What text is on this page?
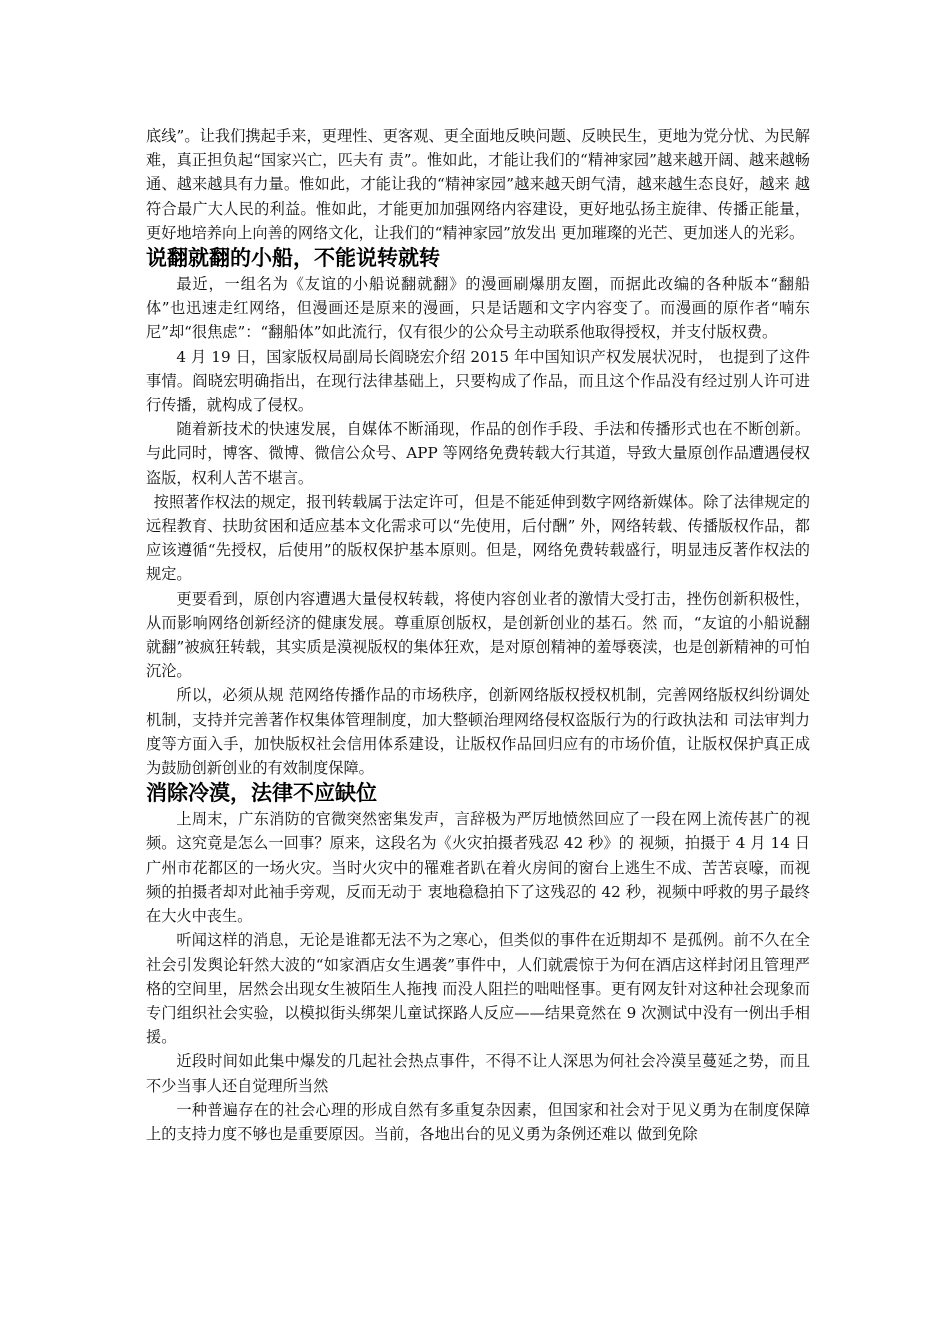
底线”。让我们携起手来，更理性、更客观、更全面地反映问题、反映民生，更地为党分忧、为民解难，真正担负起“国家兴亡，匹夫有 责”。惟如此，才能让我们的“精神家园”越来越开阔、越来越畅通、越来越具有力量。惟如此，才能让我的“精神家园”越来越天朗气清，越来越生态良好，越来 越符合最广大人民的利益。惟如此，才能更加加强网络内容建设，更好地弘扬主旋律、传播正能量，更好地培养向上向善的网络文化，让我们的“精神家园”放发出 更加璀璨的光芒、更加迷人的光彩。

说翻就翻的小船，不能说转就转

最近，一组名为《友谊的小船说翻就翻》的漫画刷爆朋友圈，而据此改编的各种版本“翻船体”也迅速走红网络，但漫画还是原来的漫画，只是话题和文字内容变了。而漫画的原作者“喃东尼”却“很焦虑”：“翻船体”如此流行，仅有很少的公众号主动联系他取得授权，并支付版权费。

4 月 19 日，国家版权局副局长阎晓宏介绍 2015 年中国知识产权发展状况时， 也提到了这件事情。阎晓宏明确指出，在现行法律基础上，只要构成了作品，而且这个作品没有经过别人许可进行传播，就构成了侵权。

随着新技术的快速发展，自媒体不断涌现，作品的创作手段、手法和传播形式也在不断创新。与此同时，博客、微博、微信公众号、APP 等网络免费转载大行其道，导致大量原创作品遭遇侵权盗版，权利人苦不堪言。

按照著作权法的规定，报刊转载属于法定许可，但是不能延伸到数字网络新媒体。除了法律规定的远程教育、扶助贫困和适应基本文化需求可以“先使用，后付酬” 外，网络转载、传播版权作品，都应该遵循“先授权，后使用”的版权保护基本原则。但是，网络免费转载盛行，明显违反著作权法的规定。

更要看到，原创内容遭遇大量侵权转载，将使内容创业者的激情大受打击，挫伤创新积极性，从而影响网络创新经济的健康发展。尊重原创版权，是创新创业的基石。然 而，“友谊的小船说翻就翻”被疯狂转载，其实质是漠视版权的集体狂欢，是对原创精神的羞辱亵渎，也是创新精神的可怕沉沦。

所以，必须从规 范网络传播作品的市场秩序，创新网络版权授权机制，完善网络版权纠纷调处机制，支持并完善著作权集体管理制度，加大整顿治理网络侵权盗版行为的行政执法和 司法审判力度等方面入手，加快版权社会信用体系建设，让版权作品回归应有的市场价值，让版权保护真正成为鼓励创新创业的有效制度保障。

消除冷漠，法律不应缺位

上周末，广东消防的官微突然密集发声，言辞极为严厉地愤然回应了一段在网上流传甚广的视频。这究竟是怎么一回事？原来，这段名为《火灾拍摄者残忍 42 秒》的 视频，拍摄于 4 月 14 日广州市花都区的一场火灾。当时火灾中的罹难者趴在着火房间的窗台上逃生不成、苦苦哀嚎，而视频的拍摄者却对此袖手旁观，反而无动于 衷地稳稳拍下了这残忍的 42 秒，视频中呼救的男子最终在大火中丧生。

听闻这样的消息，无论是谁都无法不为之寒心，但类似的事件在近期却不 是孤例。前不久在全社会引发舆论轩然大波的“如家酒店女生遇袭”事件中，人们就震惊于为何在酒店这样封闭且管理严格的空间里，居然会出现女生被陌生人拖拽 而没人阻拦的咄咄怪事。更有网友针对这种社会现象而专门组织社会实验，以模拟街头绑架儿童试探路人反应——结果竟然在 9 次测试中没有一例出手相援。

近段时间如此集中爆发的几起社会热点事件，不得不让人深思为何社会冷漠呈蔓延之势，而且不少当事人还自觉理所当然

一种普遍存在的社会心理的形成自然有多重复杂因素，但国家和社会对于见义勇为在制度保障上的支持力度不够也是重要原因。当前，各地出台的见义勇为条例还难以 做到免除
